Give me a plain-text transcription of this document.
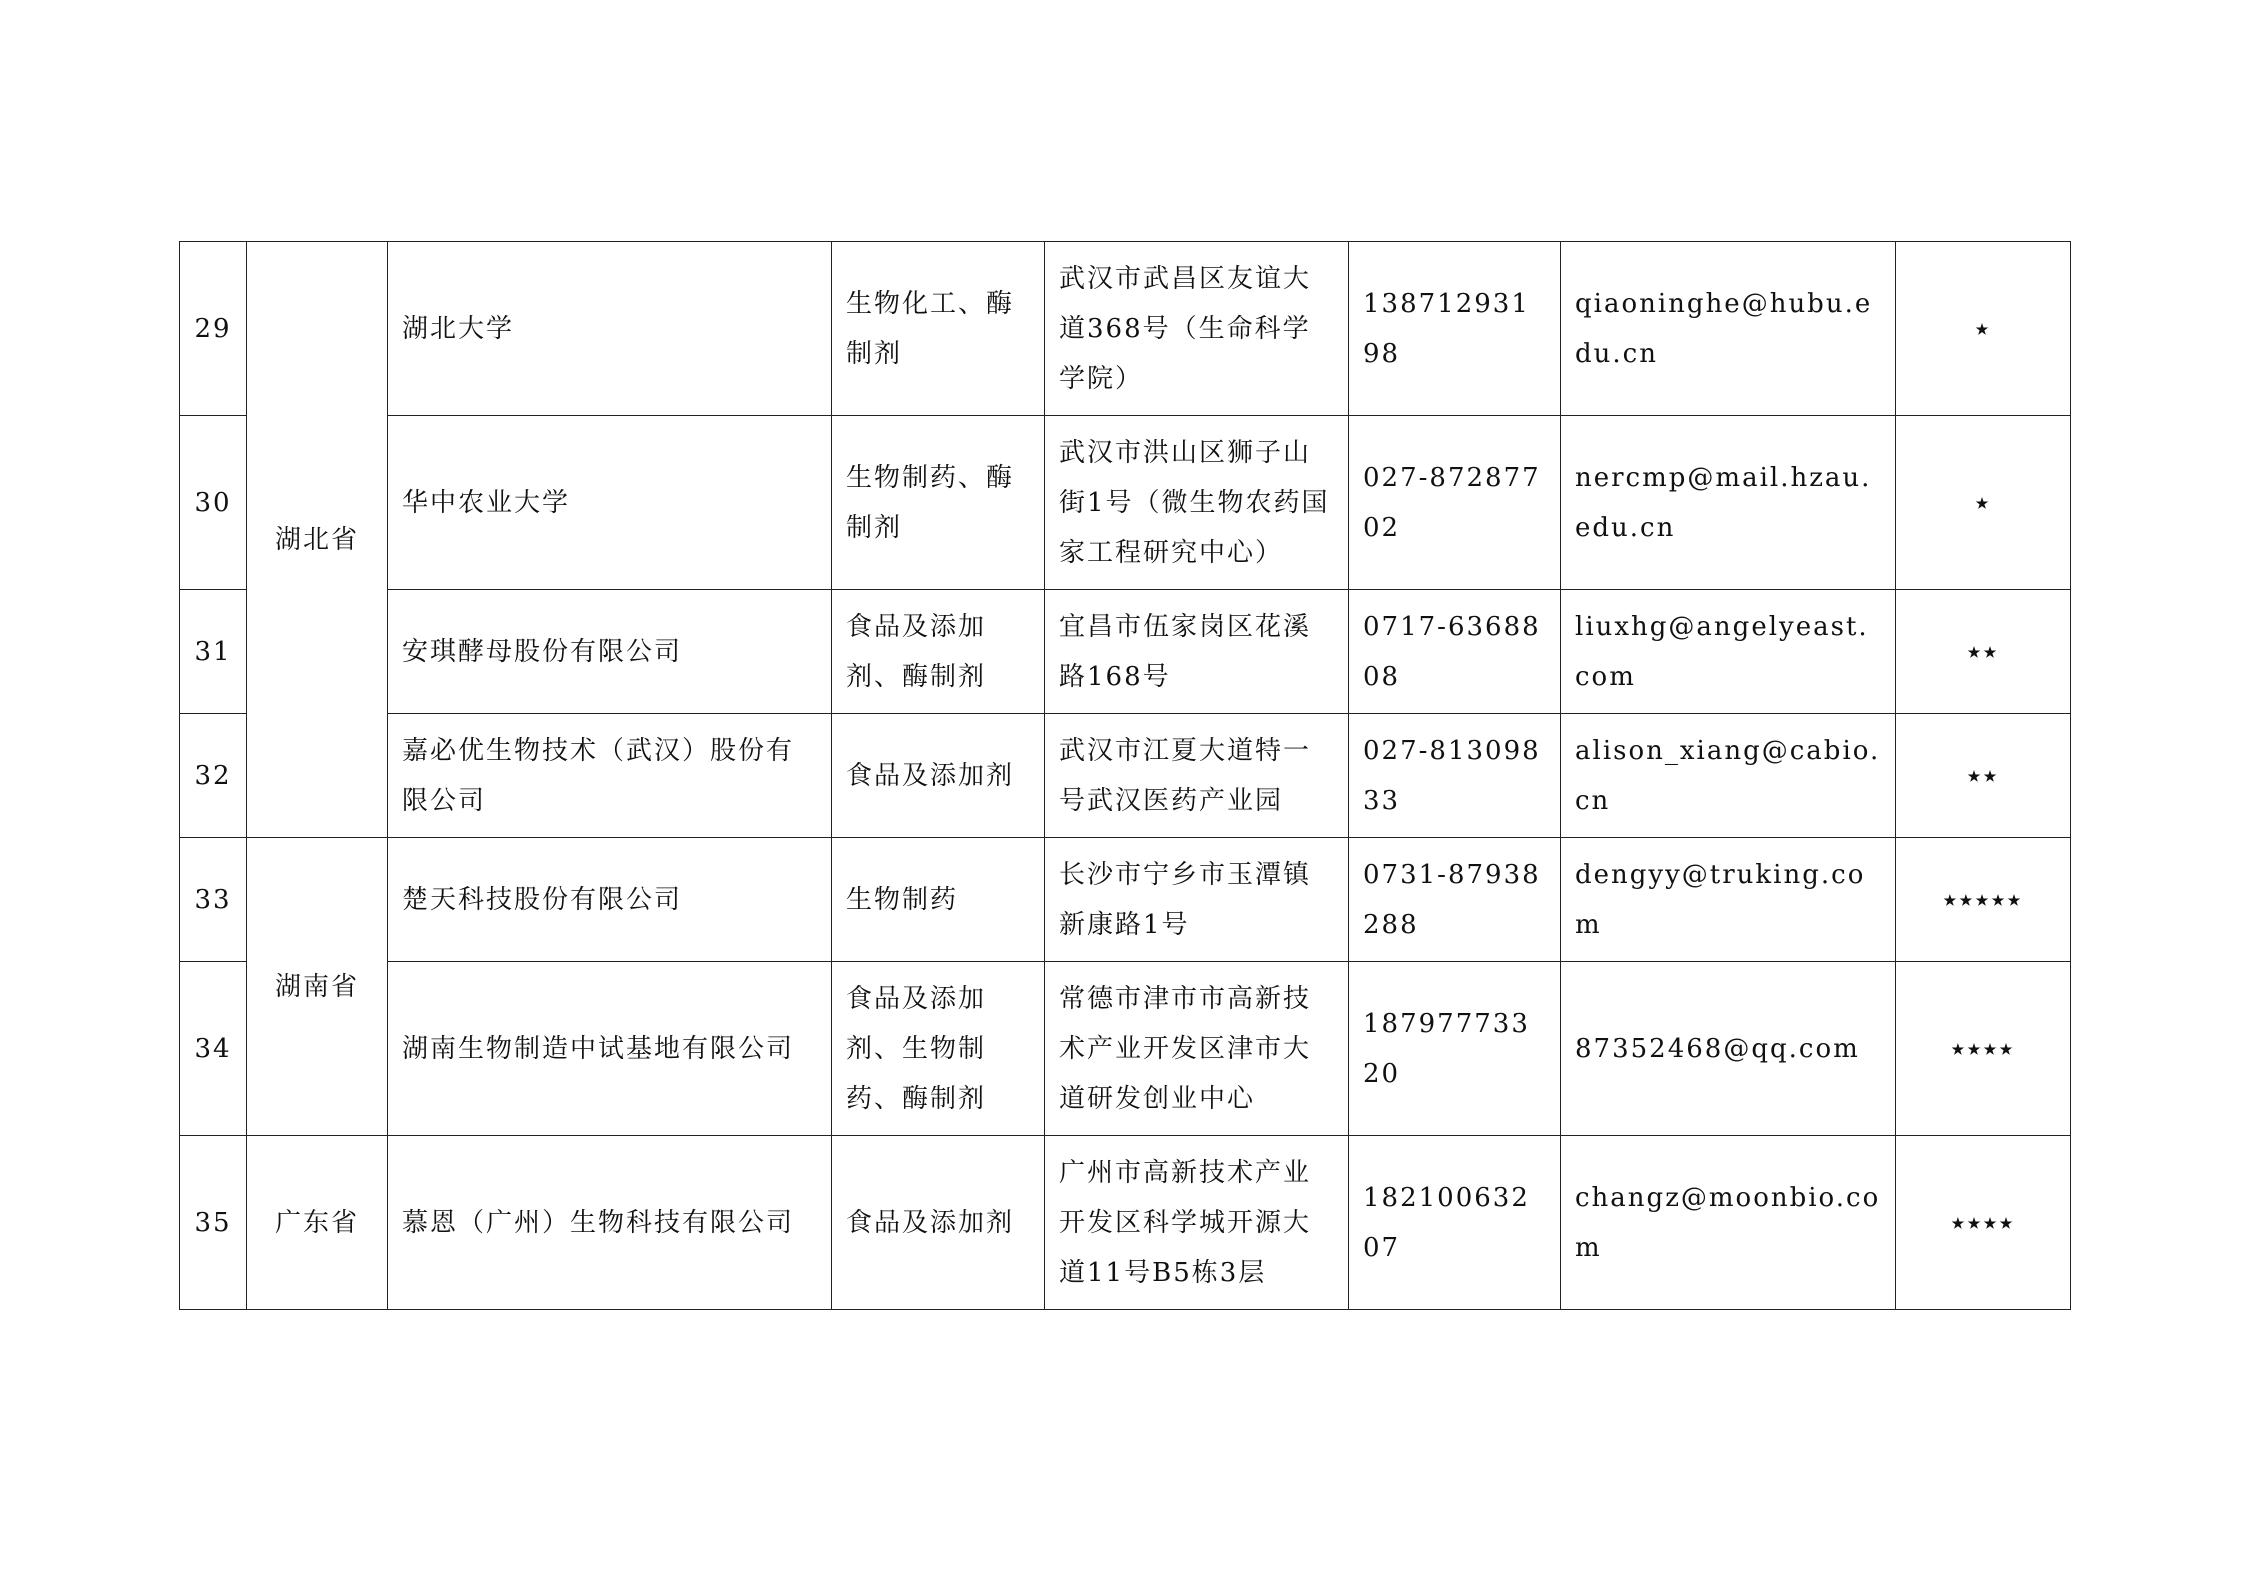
29	湖北省	湖北大学	生物化工、酶制剂	武汉市武昌区友谊大道368号（生命科学学院）	13871293198	qiaoninghe@hubu.edu.cn	⭑
30		华中农业大学	生物制药、酶制剂	武汉市洪山区狮子山街1号（微生物农药国家工程研究中心）	027-87287702	nercmp@mail.hzau.edu.cn	⭑
31		安琪酵母股份有限公司	食品及添加剂、酶制剂	宜昌市伍家岗区花溪路168号	0717-6368808	liuxhg@angelyeast.com	⭑⭑
32		嘉必优生物技术（武汉）股份有限公司	食品及添加剂	武汉市江夏大道特一号武汉医药产业园	027-81309833	alison_xiang@cabio.cn	⭑⭑
33	湖南省	楚天科技股份有限公司	生物制药	长沙市宁乡市玉潭镇新康路1号	0731-87938288	dengyy@truking.com	⭑⭑⭑⭑⭑
34		湖南生物制造中试基地有限公司	食品及添加剂、生物制药、酶制剂	常德市津市市高新技术产业开发区津市大道研发创业中心	18797773320	87352468@qq.com	⭑⭑⭑⭑
35	广东省	慕恩（广州）生物科技有限公司	食品及添加剂	广州市高新技术产业开发区科学城开源大道11号B5栋3层	18210063207	changz@moonbio.com	⭑⭑⭑⭑
